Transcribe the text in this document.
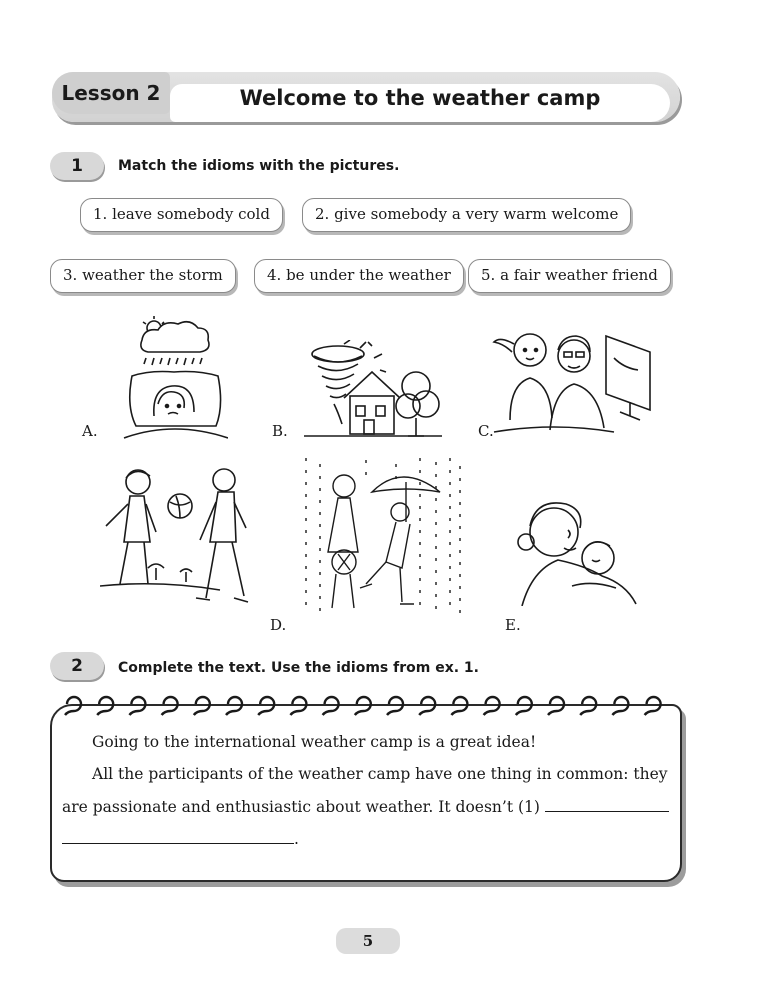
Lesson 2	Welcome to the weather camp
1	Match the idioms with the pictures.
1. leave somebody cold	2. give somebody a very warm welcome
3. weather the storm	4. be under the weather	5. a fair weather friend
A.	B.	C.
E.
D.
2	Complete the text. Use the idioms from ex. 1.
Going to the international weather camp is a great idea!
All the participants of the weather camp have one thing in common: they
are passionate and enthusiastic about weather. It doesn’t (1)
.
5
